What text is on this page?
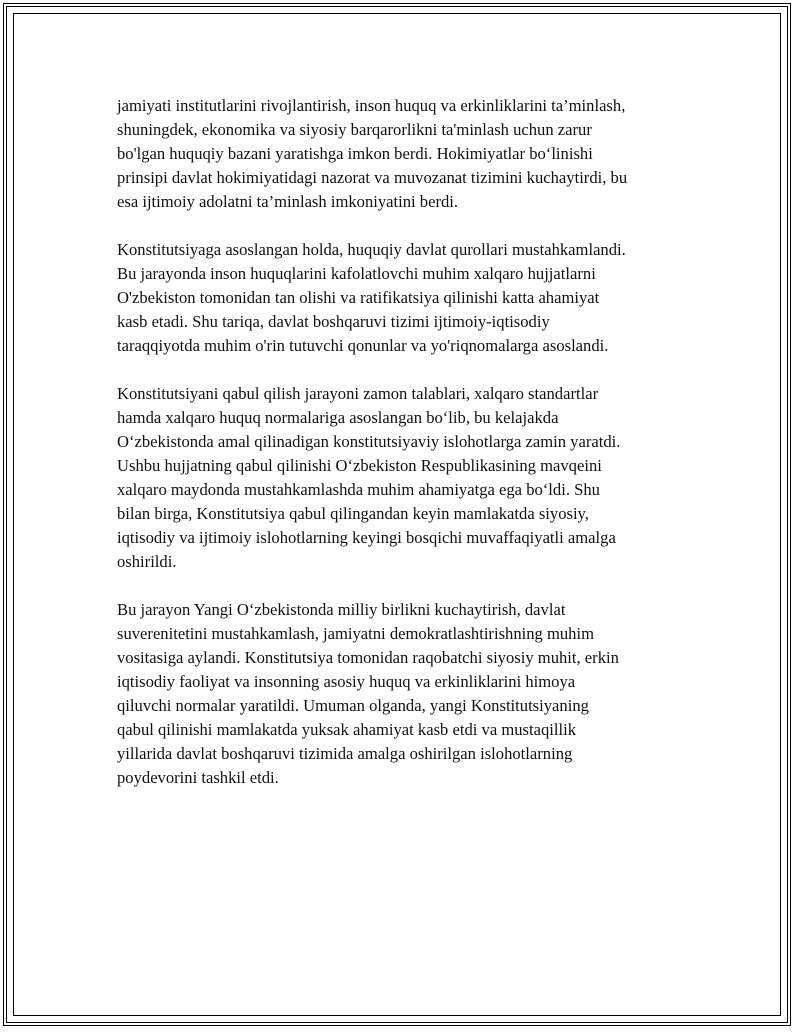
jamiyati institutlarini rivojlantirish, inson huquq va erkinliklarini ta’minlash,
shuningdek, ekonomika va siyosiy barqarorlikni ta'minlash uchun zarur
bo'lgan huquqiy bazani yaratishga imkon berdi. Hokimiyatlar bo‘linishi
prinsipi davlat hokimiyatidagi nazorat va muvozanat tizimini kuchaytirdi, bu
esa ijtimoiy adolatni ta’minlash imkoniyatini berdi.

Konstitutsiyaga asoslangan holda, huquqiy davlat qurollari mustahkamlandi.
Bu jarayonda inson huquqlarini kafolatlovchi muhim xalqaro hujjatlarni
O'zbekiston tomonidan tan olishi va ratifikatsiya qilinishi katta ahamiyat
kasb etadi. Shu tariqa, davlat boshqaruvi tizimi ijtimoiy-iqtisodiy
taraqqiyotda muhim o'rin tutuvchi qonunlar va yo'riqnomalarga asoslandi.

Konstitutsiyani qabul qilish jarayoni zamon talablari, xalqaro standartlar
hamda xalqaro huquq normalariga asoslangan bo‘lib, bu kelajakda
O‘zbekistonda amal qilinadigan konstitutsiyaviy islohotlarga zamin yaratdi.
Ushbu hujjatning qabul qilinishi O‘zbekiston Respublikasining mavqeini
xalqaro maydonda mustahkamlashda muhim ahamiyatga ega bo‘ldi. Shu
bilan birga, Konstitutsiya qabul qilingandan keyin mamlakatda siyosiy,
iqtisodiy va ijtimoiy islohotlarning keyingi bosqichi muvaffaqiyatli amalga
oshirildi.

Bu jarayon Yangi O‘zbekistonda milliy birlikni kuchaytirish, davlat
suverenitetini mustahkamlash, jamiyatni demokratlashtirishning muhim
vositasiga aylandi. Konstitutsiya tomonidan raqobatchi siyosiy muhit, erkin
iqtisodiy faoliyat va insonning asosiy huquq va erkinliklarini himoya
qiluvchi normalar yaratildi. Umuman olganda, yangi Konstitutsiyaning
qabul qilinishi mamlakatda yuksak ahamiyat kasb etdi va mustaqillik
yillarida davlat boshqaruvi tizimida amalga oshirilgan islohotlarning
poydevorini tashkil etdi.
